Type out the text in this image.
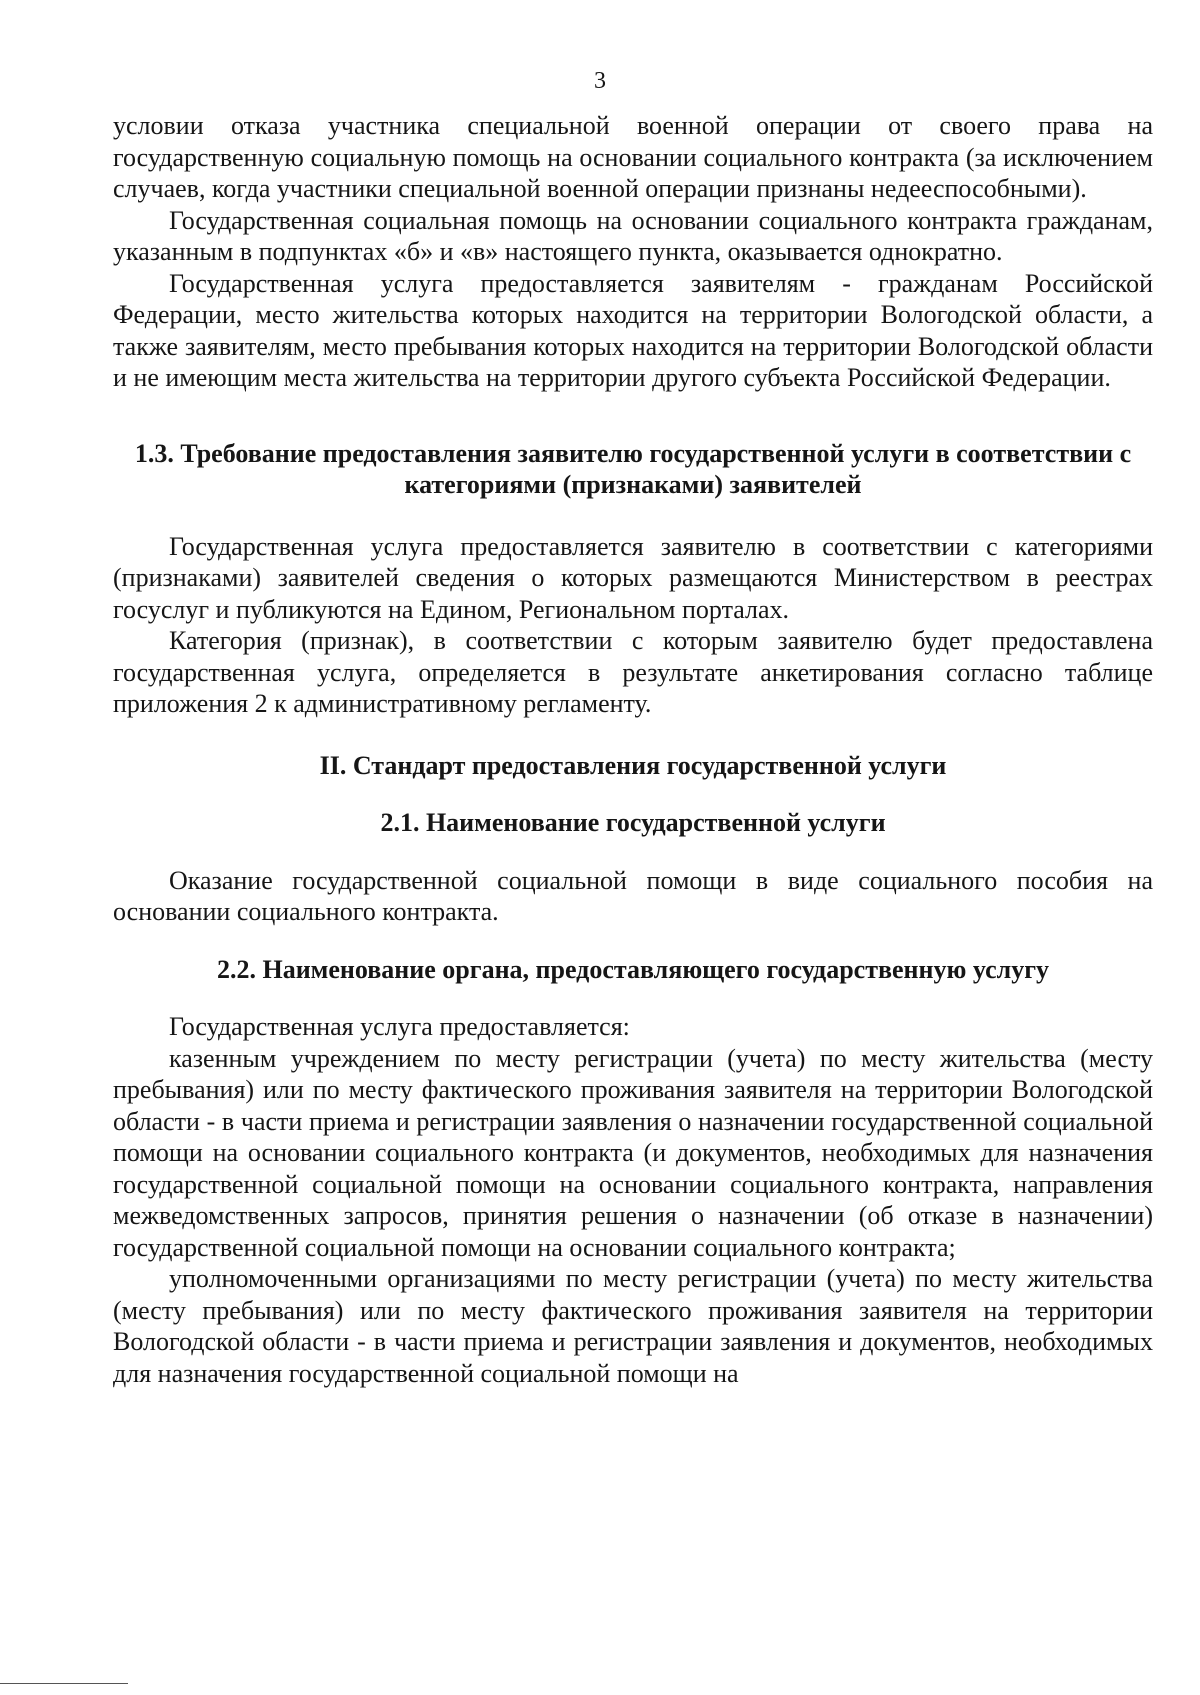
3

условии отказа участника специальной военной операции от своего права на государственную социальную помощь на основании социального контракта (за исключением случаев, когда участники специальной военной операции признаны недееспособными).

Государственная социальная помощь на основании социального контракта гражданам, указанным в подпунктах «б» и «в» настоящего пункта, оказывается однократно.

Государственная услуга предоставляется заявителям - гражданам Российской Федерации, место жительства которых находится на территории Вологодской области, а также заявителям, место пребывания которых находится на территории Вологодской области и не имеющим места жительства на территории другого субъекта Российской Федерации.

1.3. Требование предоставления заявителю государственной услуги в соответствии с категориями (признаками) заявителей

Государственная услуга предоставляется заявителю в соответствии с категориями (признаками) заявителей сведения о которых размещаются Министерством в реестрах госуслуг и публикуются на Едином, Региональном порталах.

Категория (признак), в соответствии с которым заявителю будет предоставлена государственная услуга, определяется в результате анкетирования согласно таблице приложения 2 к административному регламенту.

II. Стандарт предоставления государственной услуги
2.1. Наименование государственной услуги

Оказание государственной социальной помощи в виде социального пособия на основании социального контракта.

2.2. Наименование органа, предоставляющего государственную услугу

Государственная услуга предоставляется:

казенным учреждением по месту регистрации (учета) по месту жительства (месту пребывания) или по месту фактического проживания заявителя на территории Вологодской области - в части приема и регистрации заявления о назначении государственной социальной помощи на основании социального контракта (и документов, необходимых для назначения государственной социальной помощи на основании социального контракта, направления межведомственных запросов, принятия решения о назначении (об отказе в назначении) государственной социальной помощи на основании социального контракта;

уполномоченными организациями по месту регистрации (учета) по месту жительства (месту пребывания) или по месту фактического проживания заявителя на территории Вологодской области - в части приема и регистрации заявления и документов, необходимых для назначения государственной социальной помощи на
